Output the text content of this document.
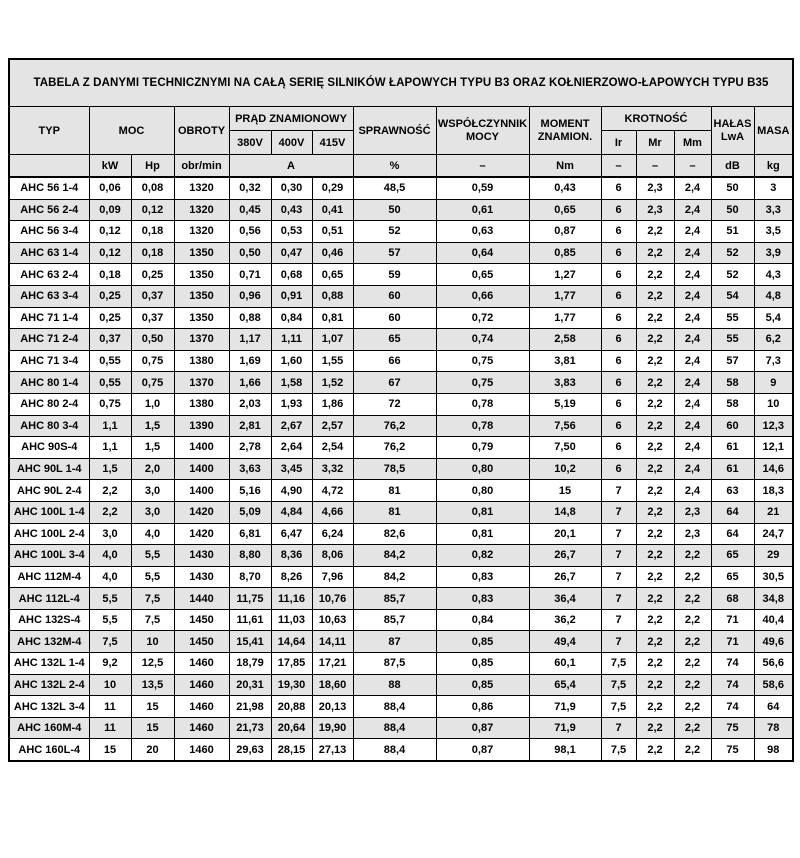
TABELA Z DANYMI TECHNICZNYMI NA CAŁĄ SERIĘ SILNIKÓW ŁAPOWYCH TYPU B3 ORAZ KOŁNIERZOWO-ŁAPOWYCH TYPU B35														
TYP	MOC		OBROTY	PRĄD ZNAMIONOWY			SPRAWNOŚĆ	WSPÓŁCZYNNIK MOCY	MOMENT ZNAMION.	KROTNOŚĆ			HAŁAS LwA	MASA
				380V	400V	415V				Ir	Mr	Mm		
	kW	Hp	obr/min	A			%	–	Nm	–	–	–	dB	kg
AHC 56 1-4	0,06	0,08	1320	0,32	0,30	0,29	48,5	0,59	0,43	6	2,3	2,4	50	3
AHC 56 2-4	0,09	0,12	1320	0,45	0,43	0,41	50	0,61	0,65	6	2,3	2,4	50	3,3
AHC 56 3-4	0,12	0,18	1320	0,56	0,53	0,51	52	0,63	0,87	6	2,2	2,4	51	3,5
AHC 63 1-4	0,12	0,18	1350	0,50	0,47	0,46	57	0,64	0,85	6	2,2	2,4	52	3,9
AHC 63 2-4	0,18	0,25	1350	0,71	0,68	0,65	59	0,65	1,27	6	2,2	2,4	52	4,3
AHC 63 3-4	0,25	0,37	1350	0,96	0,91	0,88	60	0,66	1,77	6	2,2	2,4	54	4,8
AHC 71 1-4	0,25	0,37	1350	0,88	0,84	0,81	60	0,72	1,77	6	2,2	2,4	55	5,4
AHC 71 2-4	0,37	0,50	1370	1,17	1,11	1,07	65	0,74	2,58	6	2,2	2,4	55	6,2
AHC 71 3-4	0,55	0,75	1380	1,69	1,60	1,55	66	0,75	3,81	6	2,2	2,4	57	7,3
AHC 80 1-4	0,55	0,75	1370	1,66	1,58	1,52	67	0,75	3,83	6	2,2	2,4	58	9
AHC 80 2-4	0,75	1,0	1380	2,03	1,93	1,86	72	0,78	5,19	6	2,2	2,4	58	10
AHC 80 3-4	1,1	1,5	1390	2,81	2,67	2,57	76,2	0,78	7,56	6	2,2	2,4	60	12,3
AHC 90S-4	1,1	1,5	1400	2,78	2,64	2,54	76,2	0,79	7,50	6	2,2	2,4	61	12,1
AHC 90L 1-4	1,5	2,0	1400	3,63	3,45	3,32	78,5	0,80	10,2	6	2,2	2,4	61	14,6
AHC 90L 2-4	2,2	3,0	1400	5,16	4,90	4,72	81	0,80	15	7	2,2	2,4	63	18,3
AHC 100L 1-4	2,2	3,0	1420	5,09	4,84	4,66	81	0,81	14,8	7	2,2	2,3	64	21
AHC 100L 2-4	3,0	4,0	1420	6,81	6,47	6,24	82,6	0,81	20,1	7	2,2	2,3	64	24,7
AHC 100L 3-4	4,0	5,5	1430	8,80	8,36	8,06	84,2	0,82	26,7	7	2,2	2,2	65	29
AHC 112M-4	4,0	5,5	1430	8,70	8,26	7,96	84,2	0,83	26,7	7	2,2	2,2	65	30,5
AHC 112L-4	5,5	7,5	1440	11,75	11,16	10,76	85,7	0,83	36,4	7	2,2	2,2	68	34,8
AHC 132S-4	5,5	7,5	1450	11,61	11,03	10,63	85,7	0,84	36,2	7	2,2	2,2	71	40,4
AHC 132M-4	7,5	10	1450	15,41	14,64	14,11	87	0,85	49,4	7	2,2	2,2	71	49,6
AHC 132L 1-4	9,2	12,5	1460	18,79	17,85	17,21	87,5	0,85	60,1	7,5	2,2	2,2	74	56,6
AHC 132L 2-4	10	13,5	1460	20,31	19,30	18,60	88	0,85	65,4	7,5	2,2	2,2	74	58,6
AHC 132L 3-4	11	15	1460	21,98	20,88	20,13	88,4	0,86	71,9	7,5	2,2	2,2	74	64
AHC 160M-4	11	15	1460	21,73	20,64	19,90	88,4	0,87	71,9	7	2,2	2,2	75	78
AHC 160L-4	15	20	1460	29,63	28,15	27,13	88,4	0,87	98,1	7,5	2,2	2,2	75	98
